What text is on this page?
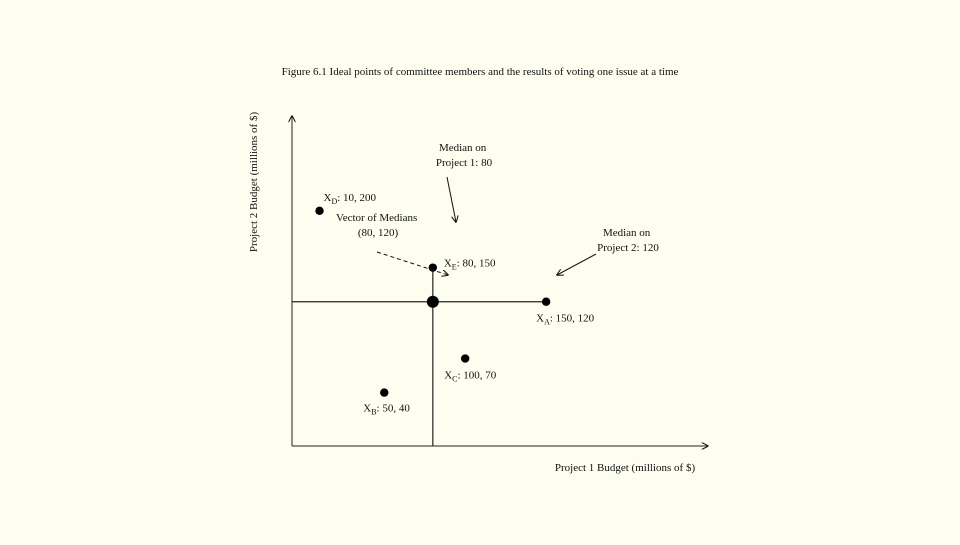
Figure 6.1 Ideal points of committee members and the results of voting one issue at a time
Project 1 Budget (millions of $)
Project 2 Budget (millions of $)	$X_D$: 10, 200
$X_E$: 80, 150
$X_A$: 150, 120
$X_C$: 100, 70
$X_B$: 50, 40
Median on Project 1: 80
Vector of Medians (80, 120)	Median on Project 2: 120
